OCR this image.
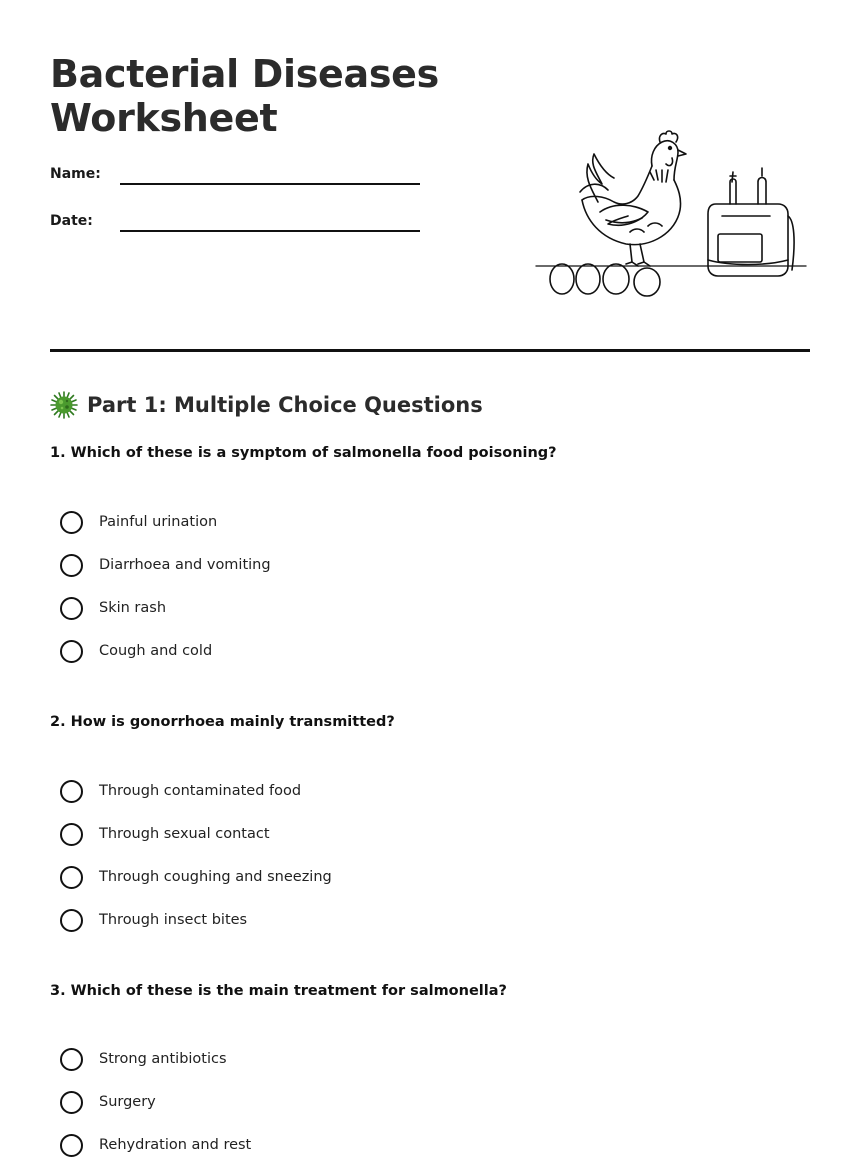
Bacterial Diseases
Worksheet
Name:
Date:
Part 1: Multiple Choice Questions
1. Which of these is a symptom of salmonella food poisoning?
Painful urination
Diarrhoea and vomiting
Skin rash
Cough and cold
2. How is gonorrhoea mainly transmitted?
Through contaminated food
Through sexual contact
Through coughing and sneezing
Through insect bites
3. Which of these is the main treatment for salmonella?
Strong antibiotics
Surgery
Rehydration and rest
